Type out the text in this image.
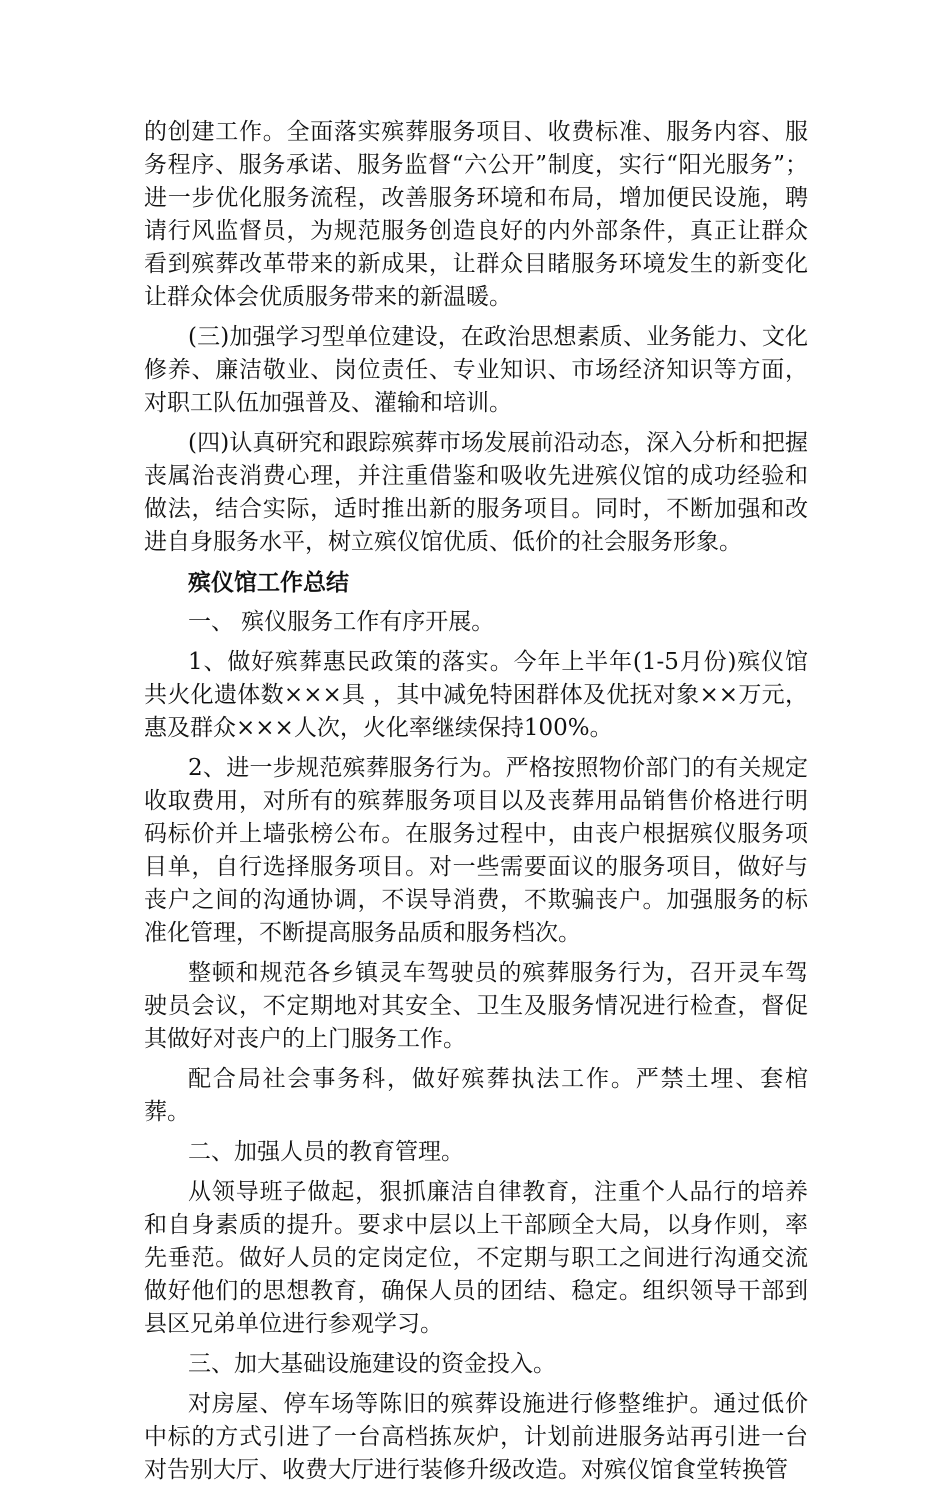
的创建工作。全面落实殡葬服务项目、收费标准、服务内容、服务程序、服务承诺、服务监督“六公开”制度，实行“阳光服务”；进一步优化服务流程，改善服务环境和布局，增加便民设施，聘请行风监督员，为规范服务创造良好的内外部条件，真正让群众看到殡葬改革带来的新成果，让群众目睹服务环境发生的新变化让群众体会优质服务带来的新温暖。

(三)加强学习型单位建设，在政治思想素质、业务能力、文化修养、廉洁敬业、岗位责任、专业知识、市场经济知识等方面，对职工队伍加强普及、灌输和培训。

(四)认真研究和跟踪殡葬市场发展前沿动态，深入分析和把握丧属治丧消费心理，并注重借鉴和吸收先进殡仪馆的成功经验和做法，结合实际，适时推出新的服务项目。同时，不断加强和改进自身服务水平，树立殡仪馆优质、低价的社会服务形象。

殡仪馆工作总结

一、 殡仪服务工作有序开展。

1、做好殡葬惠民政策的落实。今年上半年(1-5月份)殡仪馆共火化遗体数×××具 ，其中减免特困群体及优抚对象××万元，惠及群众×××人次，火化率继续保持100%。

2、进一步规范殡葬服务行为。严格按照物价部门的有关规定收取费用，对所有的殡葬服务项目以及丧葬用品销售价格进行明码标价并上墙张榜公布。在服务过程中，由丧户根据殡仪服务项目单，自行选择服务项目。对一些需要面议的服务项目，做好与丧户之间的沟通协调，不误导消费，不欺骗丧户。加强服务的标准化管理，不断提高服务品质和服务档次。

整顿和规范各乡镇灵车驾驶员的殡葬服务行为，召开灵车驾驶员会议，不定期地对其安全、卫生及服务情况进行检查，督促其做好对丧户的上门服务工作。

配合局社会事务科，做好殡葬执法工作。严禁土埋、套棺葬。

二、加强人员的教育管理。

从领导班子做起，狠抓廉洁自律教育，注重个人品行的培养和自身素质的提升。要求中层以上干部顾全大局，以身作则，率先垂范。做好人员的定岗定位，不定期与职工之间进行沟通交流做好他们的思想教育，确保人员的团结、稳定。组织领导干部到县区兄弟单位进行参观学习。

三、加大基础设施建设的资金投入。

对房屋、停车场等陈旧的殡葬设施进行修整维护。通过低价中标的方式引进了一台高档拣灰炉，计划前进服务站再引进一台对告别大厅、收费大厅进行装修升级改造。对殡仪馆食堂转换管
